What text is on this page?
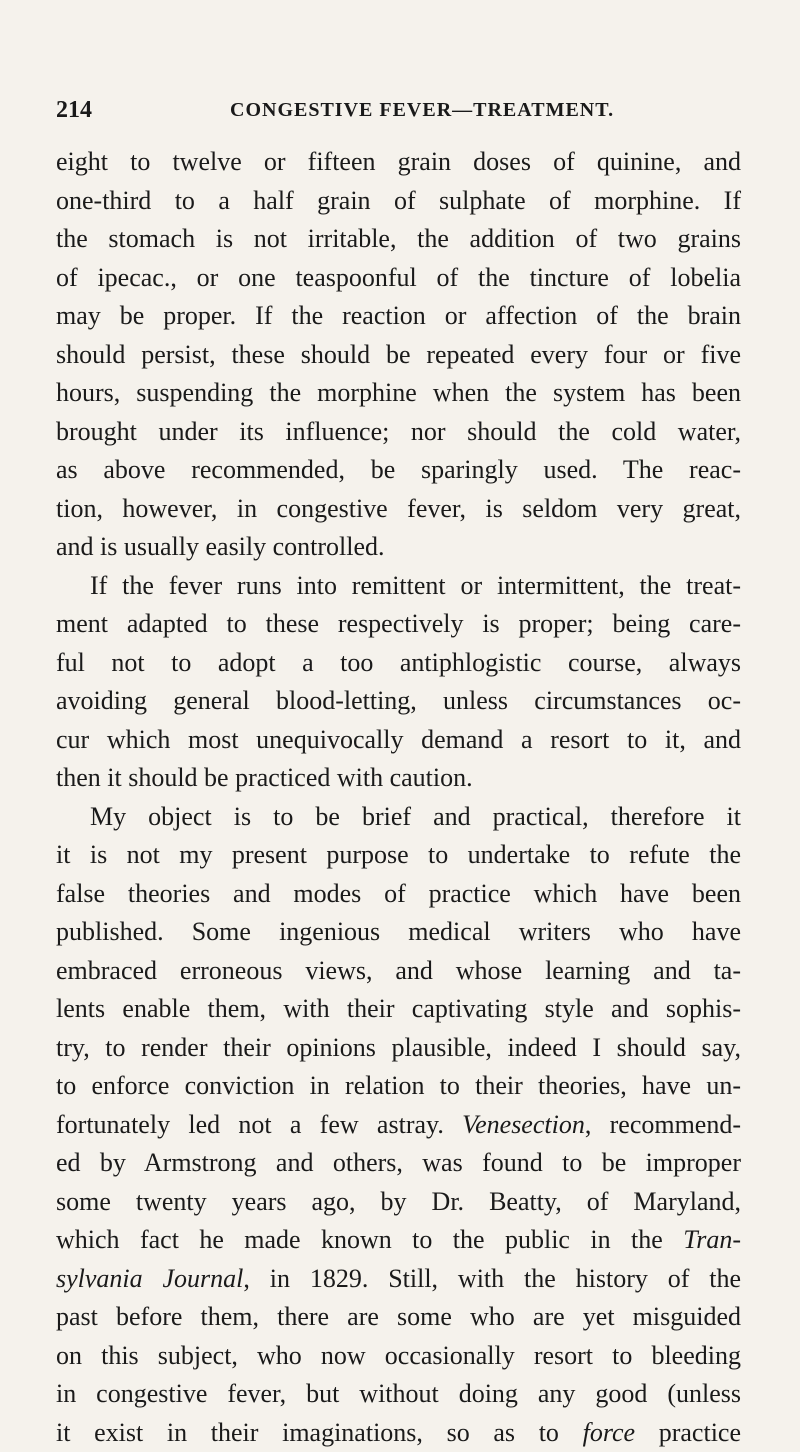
214	CONGESTIVE FEVER—TREATMENT.
eight to twelve or fifteen grain doses of quinine, and
one-third to a half grain of sulphate of morphine. If
the stomach is not irritable, the addition of two grains
of ipecac., or one teaspoonful of the tincture of lobelia
may be proper. If the reaction or affection of the brain
should persist, these should be repeated every four or five
hours, suspending the morphine when the system has been
brought under its influence; nor should the cold water,
as above recommended, be sparingly used. The reac-
tion, however, in congestive fever, is seldom very great,
and is usually easily controlled.
If the fever runs into remittent or intermittent, the treat-
ment adapted to these respectively is proper; being care-
ful not to adopt a too antiphlogistic course, always
avoiding general blood-letting, unless circumstances oc-
cur which most unequivocally demand a resort to it, and
then it should be practiced with caution.
My object is to be brief and practical, therefore it
it is not my present purpose to undertake to refute the
false theories and modes of practice which have been
published. Some ingenious medical writers who have
embraced erroneous views, and whose learning and ta-
lents enable them, with their captivating style and sophis-
try, to render their opinions plausible, indeed I should say,
to enforce conviction in relation to their theories, have un-
fortunately led not a few astray. Venesection, recommend-
ed by Armstrong and others, was found to be improper
some twenty years ago, by Dr. Beatty, of Maryland,
which fact he made known to the public in the Tran-
sylvania Journal, in 1829. Still, with the history of the
past before them, there are some who are yet misguided
on this subject, who now occasionally resort to bleeding
in congestive fever, but without doing any good (unless
it exist in their imaginations, so as to force practice
